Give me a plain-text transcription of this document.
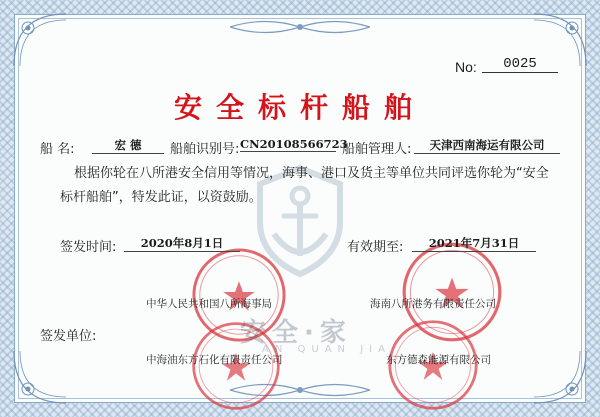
No:	0025
安全标杆船舶
船 名:	宏 德	船舶识别号: CN20108566723
船舶管理人:	天津西南海运有限公司
根据你轮在八所港安全信用等情况，海事、港口及货主等单位共同评选你轮为“安全标杆船舶”，特发此证，以资鼓励。
签发时间:	2020年8月1日	有效期至:	2021年7月31日
安全·家
AN QUAN JIA
中华人民共和国八所海事局	海南八所港务有限责任公司
签发单位:
中海油东方石化有限责任公司	东方德森能源有限公司
